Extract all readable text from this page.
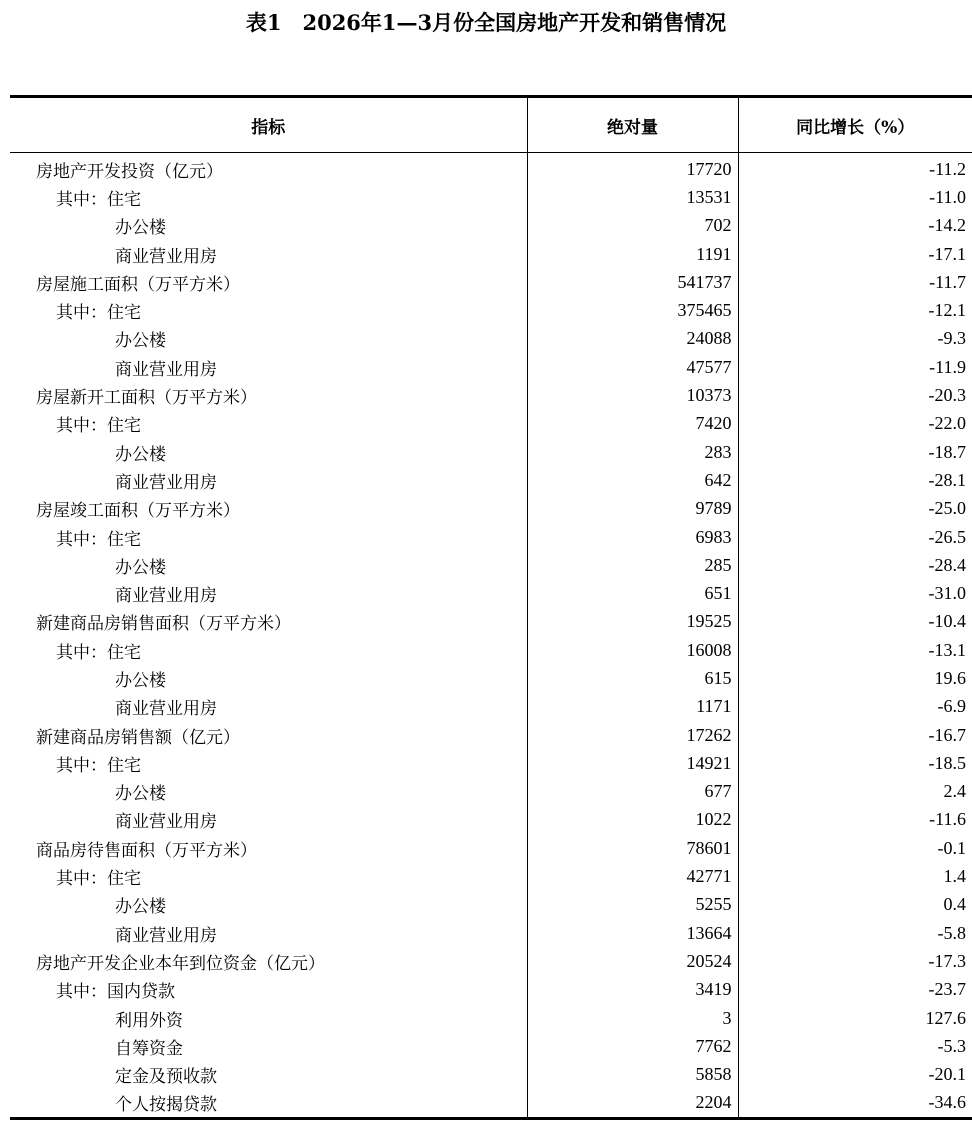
表1　2026年1—3月份全国房地产开发和销售情况
指标	绝对量	同比增长（%）
房地产开发投资（亿元）	17720	-11.2
其中：住宅	13531	-11.0
办公楼	702	-14.2
商业营业用房	1191	-17.1
房屋施工面积（万平方米）	541737	-11.7
其中：住宅	375465	-12.1
办公楼	24088	-9.3
商业营业用房	47577	-11.9
房屋新开工面积（万平方米）	10373	-20.3
其中：住宅	7420	-22.0
办公楼	283	-18.7
商业营业用房	642	-28.1
房屋竣工面积（万平方米）	9789	-25.0
其中：住宅	6983	-26.5
办公楼	285	-28.4
商业营业用房	651	-31.0
新建商品房销售面积（万平方米）	19525	-10.4
其中：住宅	16008	-13.1
办公楼	615	19.6
商业营业用房	1171	-6.9
新建商品房销售额（亿元）	17262	-16.7
其中：住宅	14921	-18.5
办公楼	677	2.4
商业营业用房	1022	-11.6
商品房待售面积（万平方米）	78601	-0.1
其中：住宅	42771	1.4
办公楼	5255	0.4
商业营业用房	13664	-5.8
房地产开发企业本年到位资金（亿元）	20524	-17.3
其中：国内贷款	3419	-23.7
利用外资	3	127.6
自筹资金	7762	-5.3
定金及预收款	5858	-20.1
个人按揭贷款	2204	-34.6
